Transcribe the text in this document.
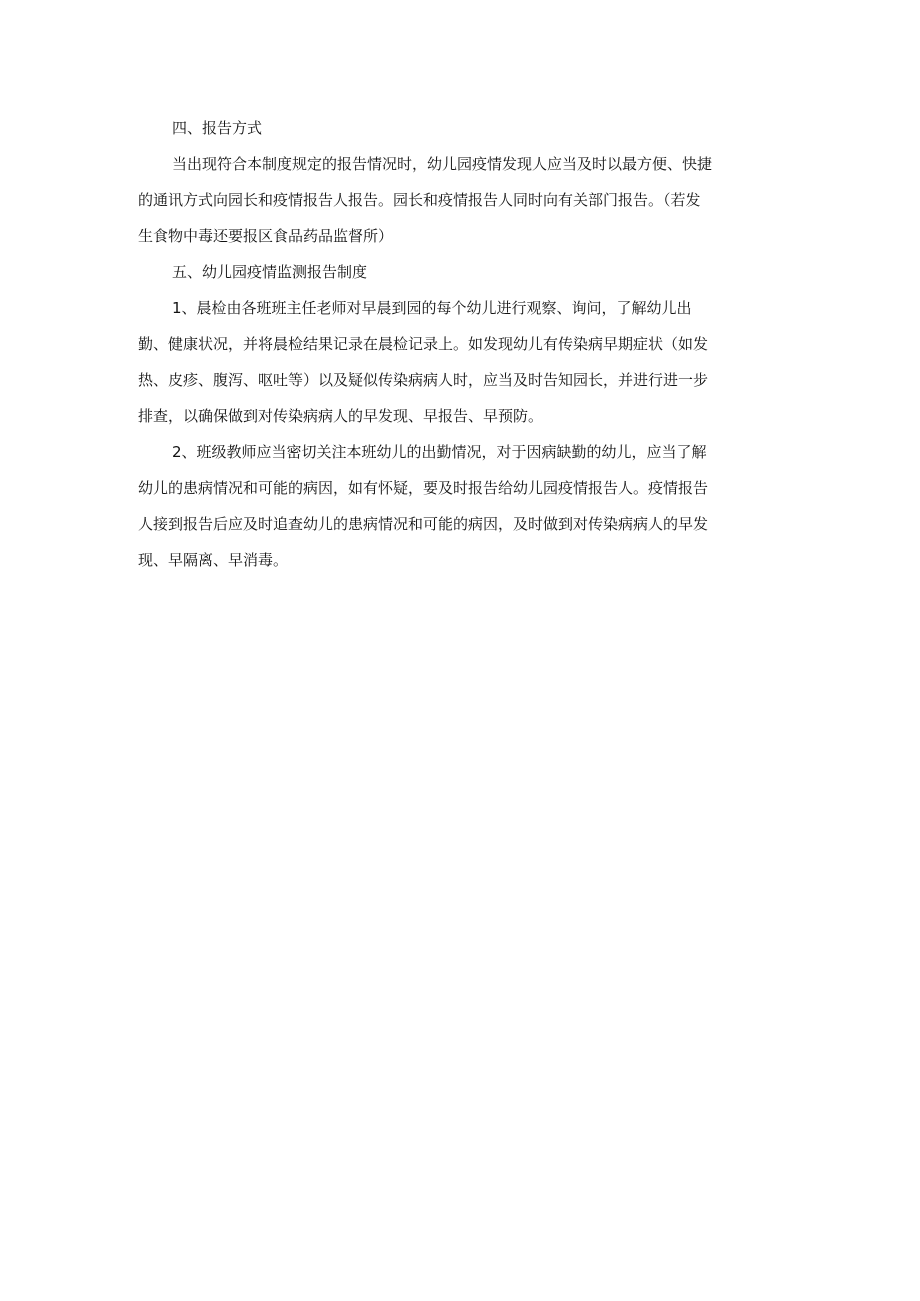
四、报告方式

当出现符合本制度规定的报告情况时，幼儿园疫情发现人应当及时以最方便、快捷
的通讯方式向园长和疫情报告人报告。园长和疫情报告人同时向有关部门报告。（若发
生食物中毒还要报区食品药品监督所）

五、幼儿园疫情监测报告制度

1、晨检由各班班主任老师对早晨到园的每个幼儿进行观察、询问，了解幼儿出
勤、健康状况，并将晨检结果记录在晨检记录上。如发现幼儿有传染病早期症状（如发
热、皮疹、腹泻、呕吐等）以及疑似传染病病人时，应当及时告知园长，并进行进一步
排查，以确保做到对传染病病人的早发现、早报告、早预防。

2、班级教师应当密切关注本班幼儿的出勤情况，对于因病缺勤的幼儿，应当了解
幼儿的患病情况和可能的病因，如有怀疑，要及时报告给幼儿园疫情报告人。疫情报告
人接到报告后应及时追查幼儿的患病情况和可能的病因，及时做到对传染病病人的早发
现、早隔离、早消毒。
